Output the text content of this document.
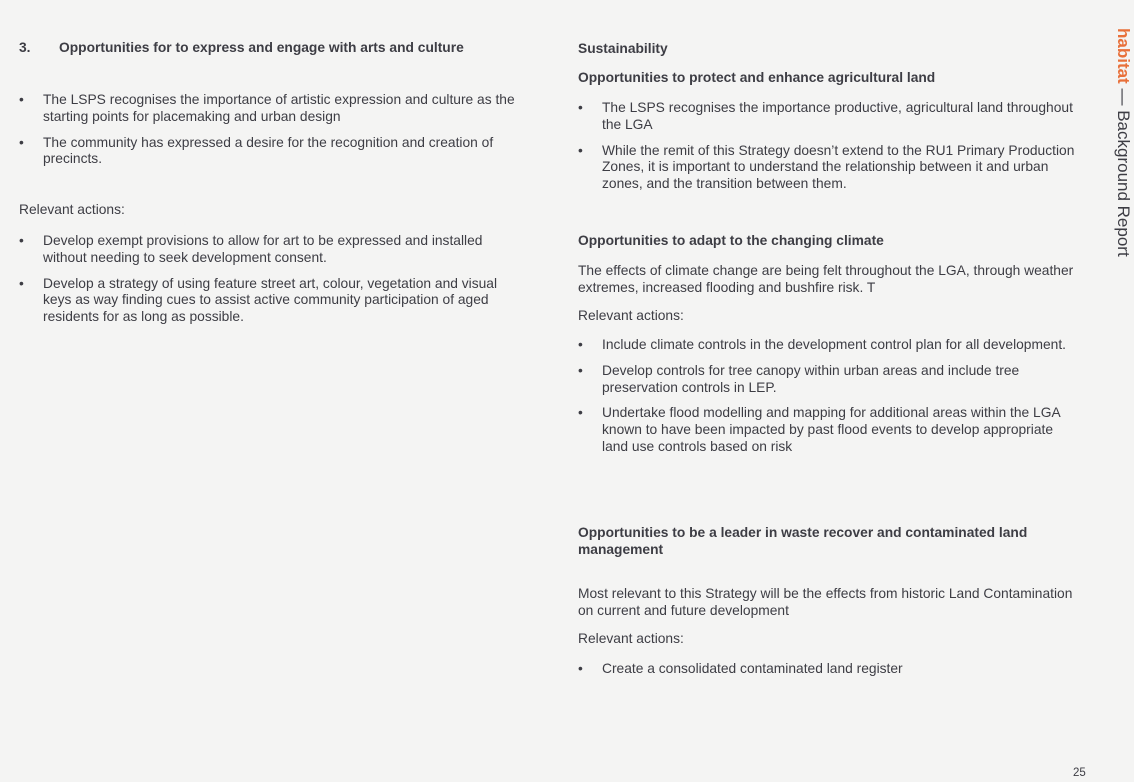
3. Opportunities for to express and engage with arts and culture
• The LSPS recognises the importance of artistic expression and culture as the starting points for placemaking and urban design
• The community has expressed a desire for the recognition and creation of precincts.

Relevant actions:

• Develop exempt provisions to allow for art to be expressed and installed without needing to seek development consent.
• Develop a strategy of using feature street art, colour, vegetation and visual keys as way finding cues to assist active community participation of aged residents for as long as possible.
Sustainability
Opportunities to protect and enhance agricultural land
• The LSPS recognises the importance productive, agricultural land throughout the LGA
• While the remit of this Strategy doesn’t extend to the RU1 Primary Production Zones, it is important to understand the relationship between it and urban zones, and the transition between them.
Opportunities to adapt to the changing climate

The effects of climate change are being felt throughout the LGA, through weather extremes, increased flooding and bushfire risk. T

Relevant actions:

• Include climate controls in the development control plan for all development.
• Develop controls for tree canopy within urban areas and include tree preservation controls in LEP.
• Undertake flood modelling and mapping for additional areas within the LGA known to have been impacted by past flood events to develop appropriate land use controls based on risk
Opportunities to be a leader in waste recover and contaminated land management

Most relevant to this Strategy will be the effects from historic Land Contamination on current and future development

Relevant actions:

• Create a consolidated contaminated land register
habitat — Background Report
25
